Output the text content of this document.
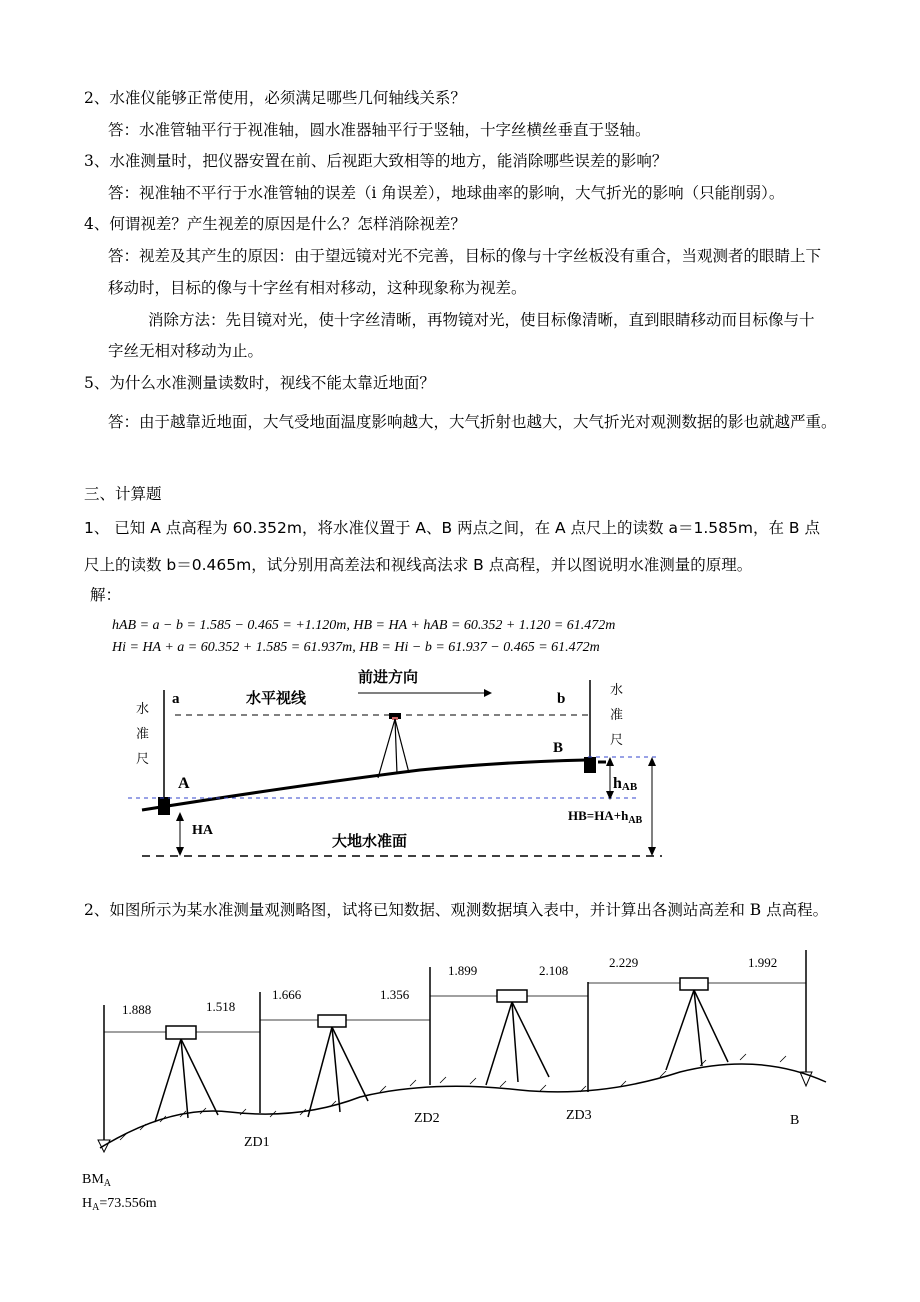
2、水准仪能够正常使用，必须满足哪些几何轴线关系？
答：水准管轴平行于视准轴，圆水准器轴平行于竖轴，十字丝横丝垂直于竖轴。
3、水准测量时，把仪器安置在前、后视距大致相等的地方，能消除哪些误差的影响？
答：视准轴不平行于水准管轴的误差（i 角误差），地球曲率的影响，大气折光的影响（只能削弱）。
4、何谓视差？产生视差的原因是什么？怎样消除视差？
答：视差及其产生的原因：由于望远镜对光不完善，目标的像与十字丝板没有重合，当观测者的眼睛上下
移动时，目标的像与十字丝有相对移动，这种现象称为视差。
消除方法：先目镜对光，使十字丝清晰，再物镜对光，使目标像清晰，直到眼睛移动而目标像与十
字丝无相对移动为止。
5、为什么水准测量读数时，视线不能太靠近地面？
答：由于越靠近地面，大气受地面温度影响越大，大气折射也越大，大气折光对观测数据的影也就越严重。
三、计算题
1、 已知 A 点高程为 60.352m，将水准仪置于 A、B 两点之间，在 A 点尺上的读数 a＝1.585m，在 B 点
尺上的读数 b＝0.465m，试分别用高差法和视线高法求 B 点高程，并以图说明水准测量的原理。
解：
hAB = a − b = 1.585 − 0.465 = +1.120m, HB = HA + hAB = 60.352 + 1.120 = 61.472m
Hi = HA + a = 60.352 + 1.585 = 61.937m, HB = Hi − b = 61.937 − 0.465 = 61.472m
2、如图所示为某水准测量观测略图，试将已知数据、观测数据填入表中，并计算出各测站高差和 B 点高程。
a	b
水平视线
前进方向
水
准
尺
水
准
尺
A
B
hAB
HA
$HB=HA+h_{AB}$
大地水准面
1.888	1.518
1.666	1.356
1.899	2.108
2.229	1.992
ZD1
ZD2	ZD3	B
$BM_A$
$H_A=73.556m$
